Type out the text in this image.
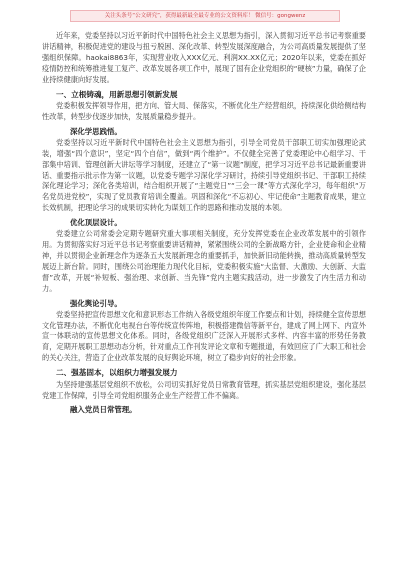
关注头条号“公文研究”，获得最新最全最专业的公文资料库！ 微信号：gongwenz

近年来，党委坚持以习近平新时代中国特色社会主义思想为指引，深入贯彻习近平总书记考察重要讲话精神，积极促进党的建设与扭亏脱困、深化改革、转型发展深度融合，为公司高质量发展提供了坚强组织保障。haokai8863年，实现营业收入XXX亿元、利润XX.XX亿元；2020年以来，党委在抓好疫情防控和统筹推进复工复产、改革发展各项工作中，展现了国有企业党组织的“硬核”力量，确保了企业持续健康向好发展。

一、立根铸魂，用新思想引领新发展

党委积极发挥领导作用，把方向、管大局、保落实，不断优化生产经营组织，持续深化供给侧结构性改革，转型步伐逐步加快，发展质量稳步提升。

深化学思践悟。

党委坚持以习近平新时代中国特色社会主义思想为指引，引导全司党员干部职工切实加强理论武装，增强“四个意识”，坚定“四个自信”，做到“两个维护”。不仅健全完善了党委理论中心组学习、干部集中培训、管理创新大讲坛等学习制度，还建立了“第一议题”制度，把学习习近平总书记最新重要讲话、重要指示批示作为第一议题，以党委专题学习深化学习研讨，持续引导党组织书记、干部职工持续深化理论学习；深化各类培训，结合组织开展了“主题党日”“三会一课”等方式深化学习，每年组织“万名党员进党校”，实现了党员教育培训全覆盖。巩固和深化“不忘初心、牢记使命”主题教育成果，建立长效机制，把理论学习的成果切实转化为谋划工作的思路和推动发展的本领。

优化顶层设计。

党委建立公司常委会定期专题研究重大事项相关制度，充分发挥党委在企业改革发展中的引领作用。为贯彻落实好习近平总书记考察重要讲话精神，紧紧围绕公司的全新战略方针，企业使命和企业精神，并以贯彻企业新理念作为逐条五大发展新理念的重要抓手，加快新旧动能转换，推动高质量转型发展迈上新台阶。同时，围绕公司治理能力现代化目标，党委积极实施“大监督、大激励、大创新、大监督”改革，开展“补短板、强治理、求创新、当先锋”党内主题实践活动，进一步激发了内生活力和动力。

强化舆论引导。

党委坚持把宣传思想文化和意识形态工作纳入各级党组织年度工作要点和计划，持续健全宣传思想文化管理办法，不断优化电视台台等传统宣传阵地，积极搭建微信等新平台，建成了网上网下、内宣外宣一体联动的宣传思想文化体系。同时，各级党组织广泛深入开展形式多样、内容丰富的形势任务教育，定期开展职工思想动态分析，针对重点工作刊发评论文章和专题报道，有效回应了广大职工和社会的关心关注，营造了企业改革发展的良好舆论环境，树立了稳步向好的社会形象。

二、强基固本，以组织力增强发展力

为坚持建强基层党组织不放松，公司切实抓好党员日常教育管理，抓实基层党组织建设，强化基层党建工作保障，引导全司党组织服务企业生产经营工作不偏离。

融入党员日常管理。
